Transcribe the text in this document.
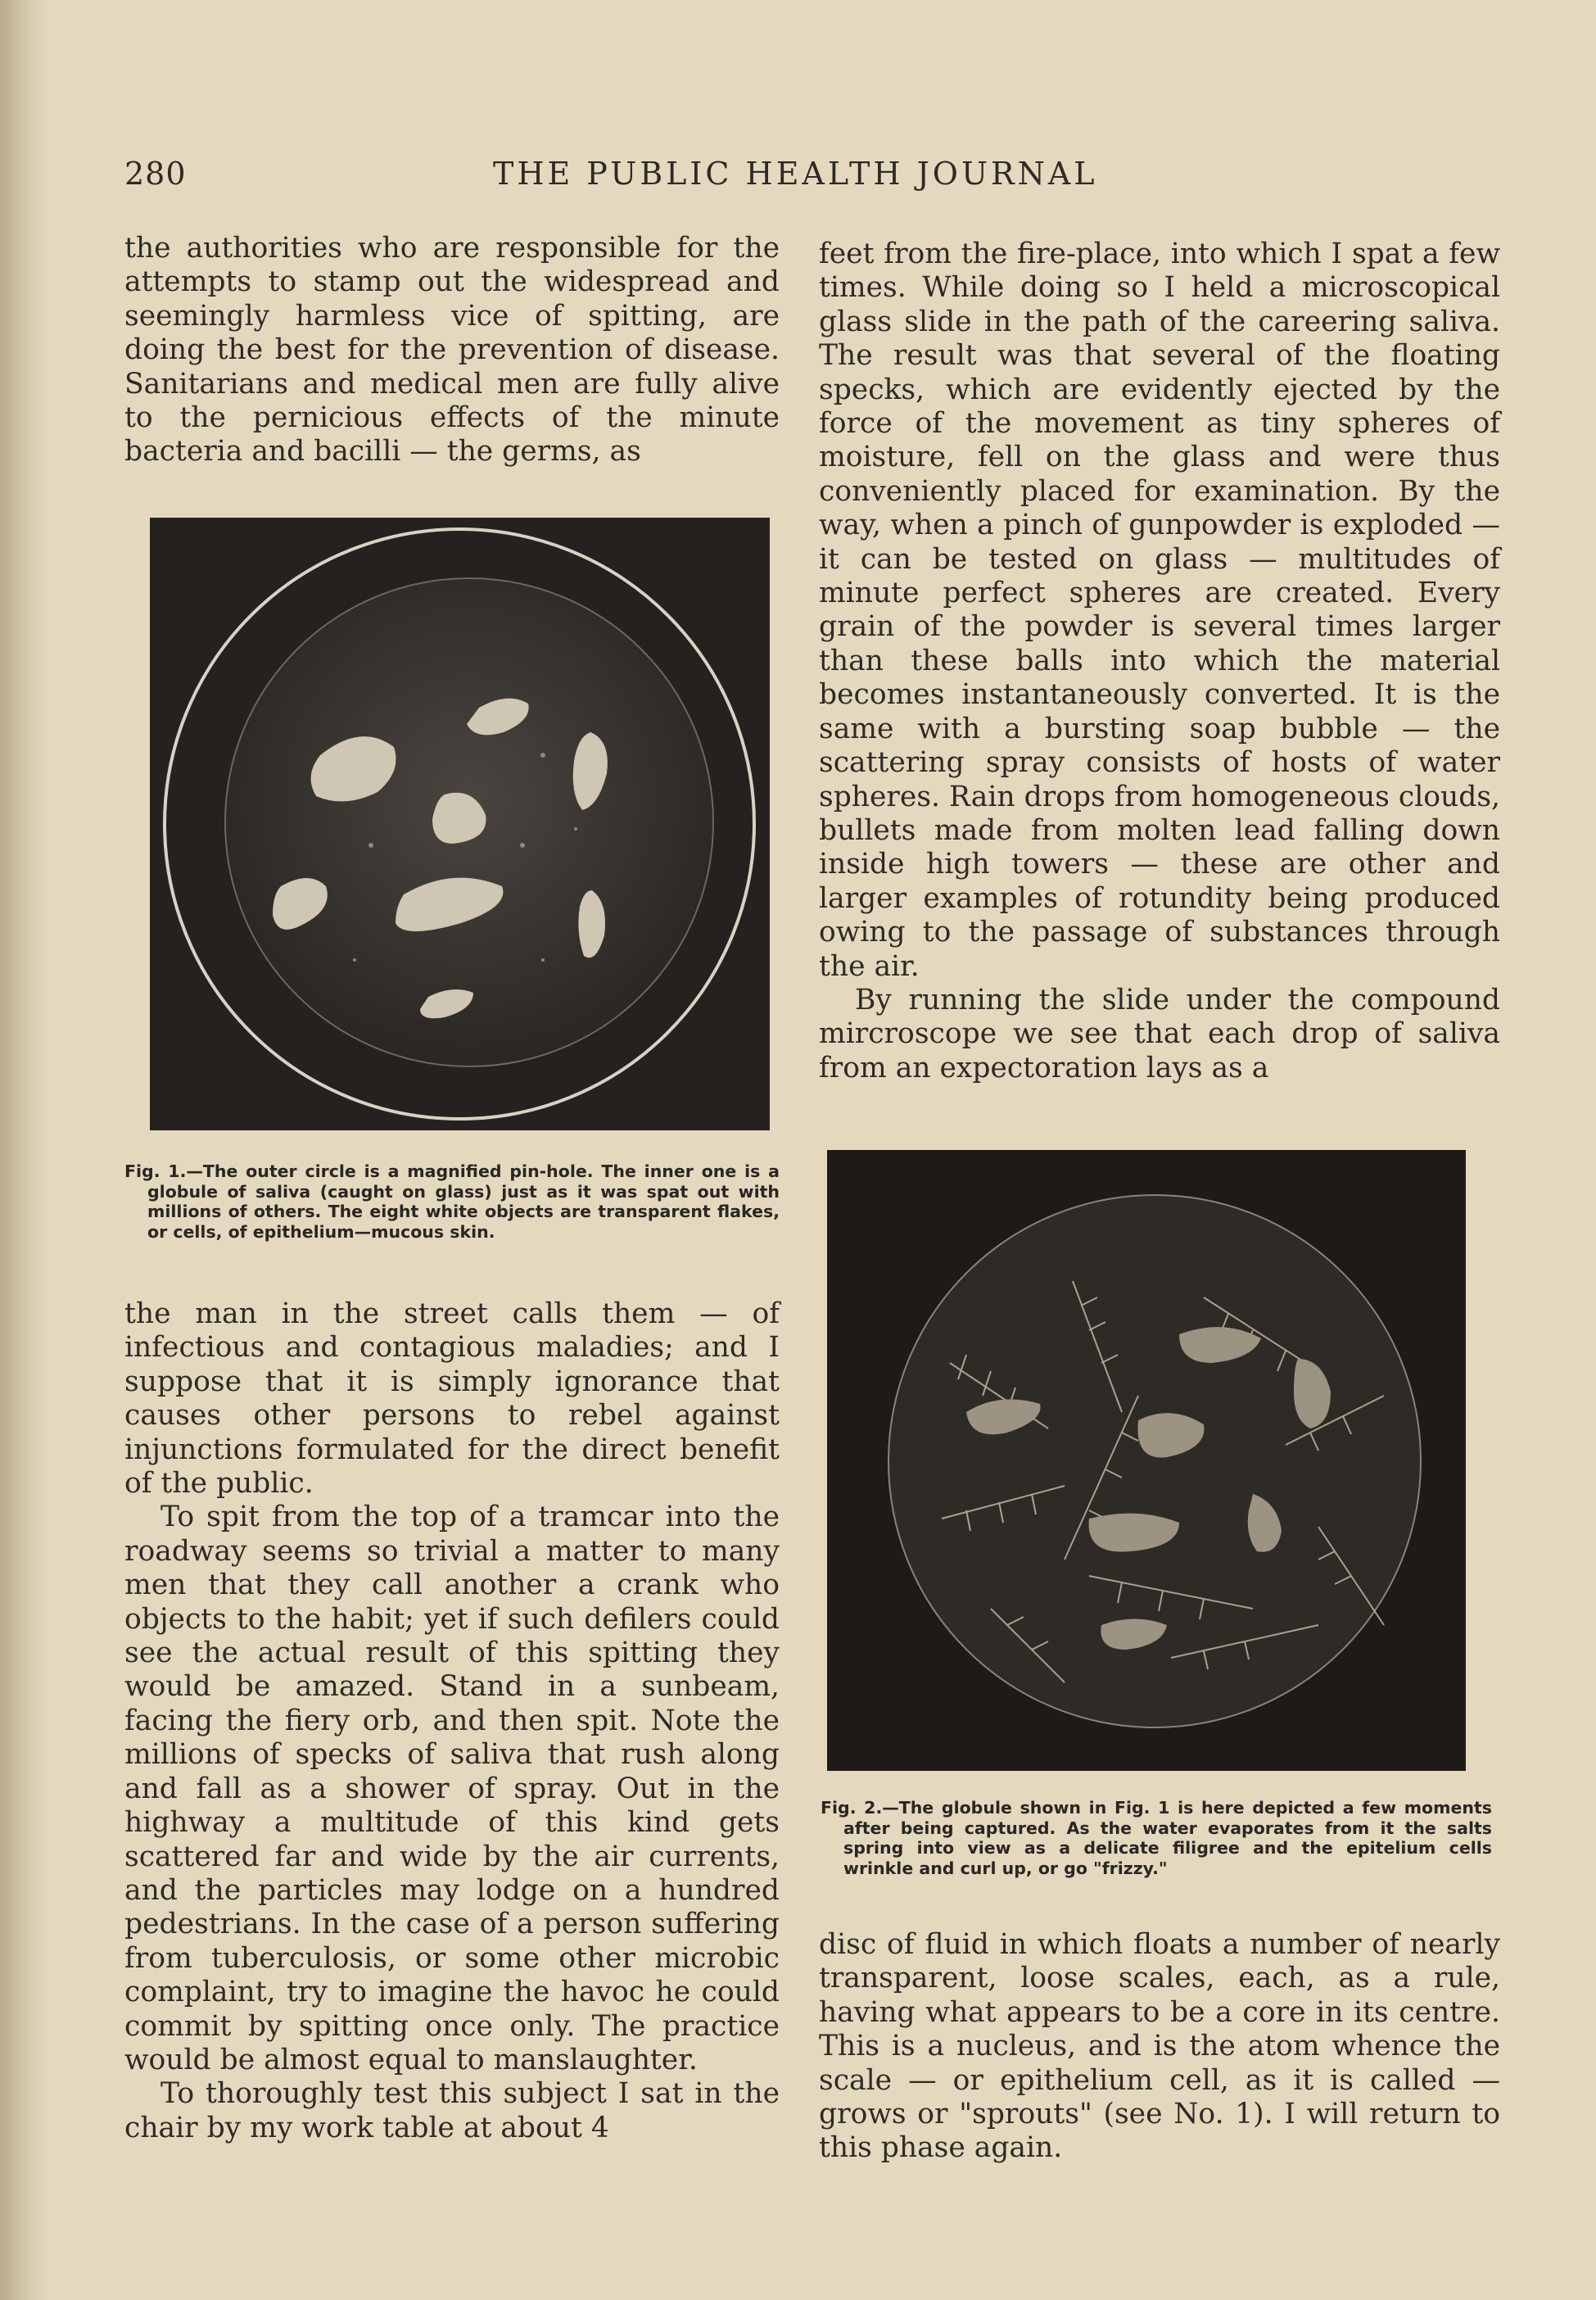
280	THE PUBLIC HEALTH JOURNAL

the authorities who are responsible for the attempts to stamp out the widespread and seemingly harmless vice of spitting, are doing the best for the prevention of disease. Sanitarians and medical men are fully alive to the pernicious effects of the minute bacteria and bacilli — the germs, as

Fig. 1.—The outer circle is a magnified pin-hole. The inner one is a globule of saliva (caught on glass) just as it was spat out with millions of others. The eight white objects are transparent flakes, or cells, of epithelium—mucous skin.

the man in the street calls them — of infectious and contagious maladies; and I suppose that it is simply ignorance that causes other persons to rebel against injunctions formulated for the direct benefit of the public.

To spit from the top of a tramcar into the roadway seems so trivial a matter to many men that they call another a crank who objects to the habit; yet if such defilers could see the actual result of this spitting they would be amazed. Stand in a sunbeam, facing the fiery orb, and then spit. Note the millions of specks of saliva that rush along and fall as a shower of spray. Out in the highway a multitude of this kind gets scattered far and wide by the air currents, and the particles may lodge on a hundred pedestrians. In the case of a person suffering from tuberculosis, or some other microbic complaint, try to imagine the havoc he could commit by spitting once only. The practice would be almost equal to manslaughter.

To thoroughly test this subject I sat in the chair by my work table at about 4

feet from the fire-place, into which I spat a few times. While doing so I held a microscopical glass slide in the path of the careering saliva. The result was that several of the floating specks, which are evidently ejected by the force of the movement as tiny spheres of moisture, fell on the glass and were thus conveniently placed for examination. By the way, when a pinch of gunpowder is exploded — it can be tested on glass — multitudes of minute perfect spheres are created. Every grain of the powder is several times larger than these balls into which the material becomes instantaneously converted. It is the same with a bursting soap bubble — the scattering spray consists of hosts of water spheres. Rain drops from homogeneous clouds, bullets made from molten lead falling down inside high towers — these are other and larger examples of rotundity being produced owing to the passage of substances through the air.

By running the slide under the compound mircroscope we see that each drop of saliva from an expectoration lays as a

Fig. 2.—The globule shown in Fig. 1 is here depicted a few moments after being captured. As the water evaporates from it the salts spring into view as a delicate filigree and the epitelium cells wrinkle and curl up, or go "frizzy."

disc of fluid in which floats a number of nearly transparent, loose scales, each, as a rule, having what appears to be a core in its centre. This is a nucleus, and is the atom whence the scale — or epithelium cell, as it is called — grows or "sprouts" (see No. 1). I will return to this phase again.
